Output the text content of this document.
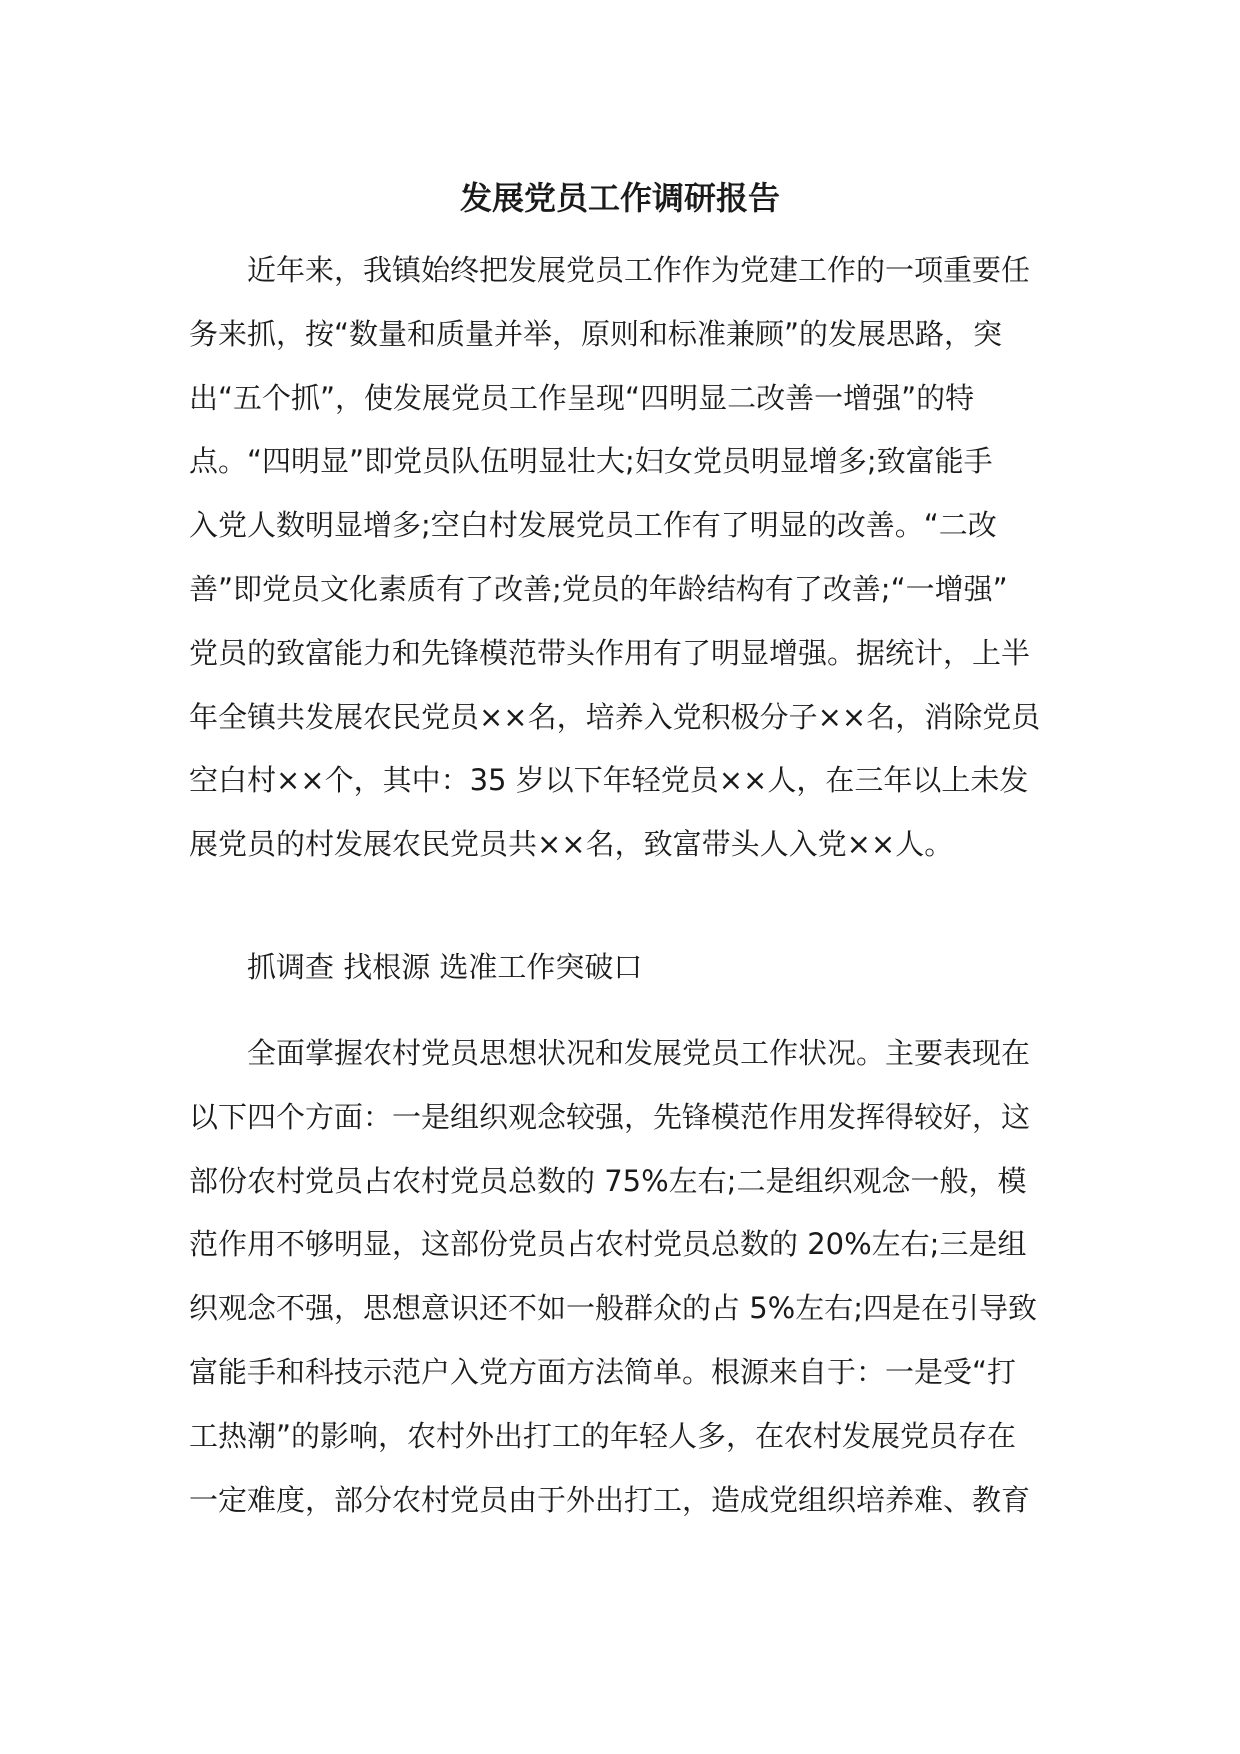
发展党员工作调研报告
近年来，我镇始终把发展党员工作作为党建工作的一项重要任
务来抓，按“数量和质量并举，原则和标准兼顾”的发展思路，突
出“五个抓”，使发展党员工作呈现“四明显二改善一增强”的特
点。“四明显”即党员队伍明显壮大;妇女党员明显增多;致富能手
入党人数明显增多;空白村发展党员工作有了明显的改善。“二改
善”即党员文化素质有了改善;党员的年龄结构有了改善;“一增强”
党员的致富能力和先锋模范带头作用有了明显增强。据统计，上半
年全镇共发展农民党员××名，培养入党积极分子××名，消除党员
空白村××个，其中：35 岁以下年轻党员××人，在三年以上未发
展党员的村发展农民党员共××名，致富带头人入党××人。
抓调查 找根源 选准工作突破口
全面掌握农村党员思想状况和发展党员工作状况。主要表现在
以下四个方面：一是组织观念较强，先锋模范作用发挥得较好，这
部份农村党员占农村党员总数的 75%左右;二是组织观念一般，模
范作用不够明显，这部份党员占农村党员总数的 20%左右;三是组
织观念不强，思想意识还不如一般群众的占 5%左右;四是在引导致
富能手和科技示范户入党方面方法简单。根源来自于：一是受“打
工热潮”的影响，农村外出打工的年轻人多，在农村发展党员存在
一定难度，部分农村党员由于外出打工，造成党组织培养难、教育
